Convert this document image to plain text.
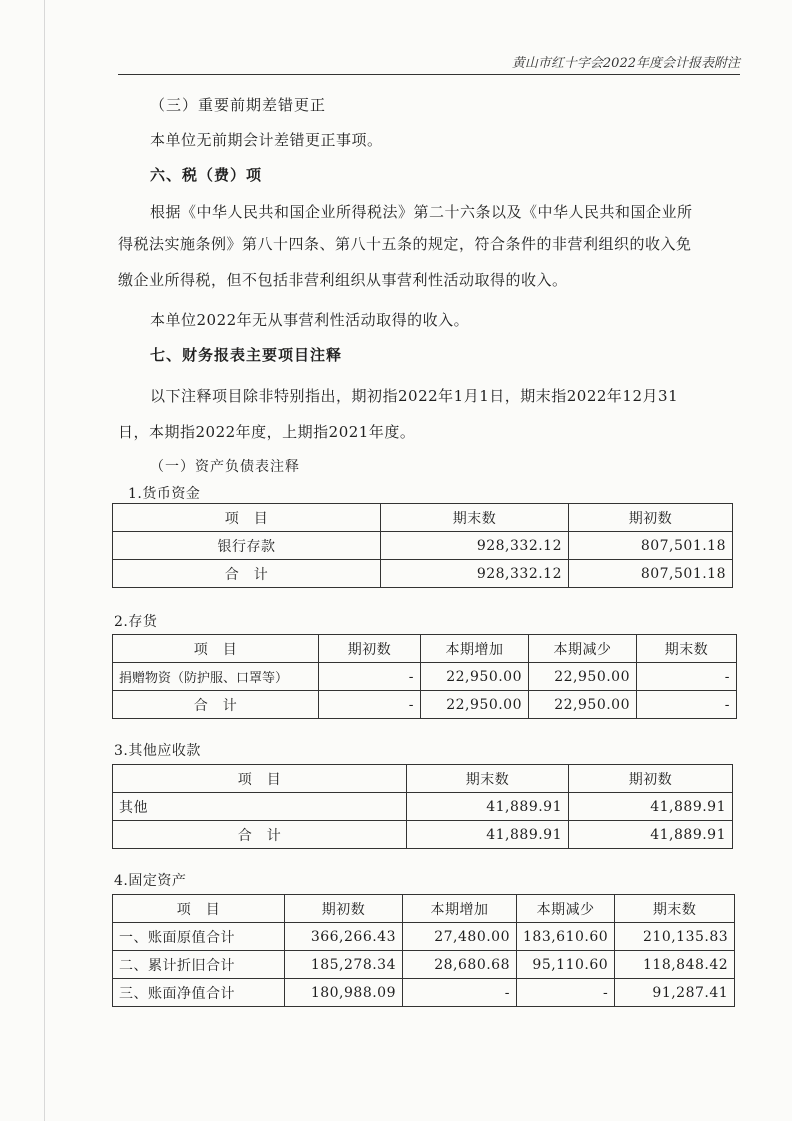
黄山市红十字会2022年度会计报表附注

（三）重要前期差错更正

本单位无前期会计差错更正事项。

六、税（费）项

根据《中华人民共和国企业所得税法》第二十六条以及《中华人民共和国企业所

得税法实施条例》第八十四条、第八十五条的规定，符合条件的非营利组织的收入免

缴企业所得税，但不包括非营利组织从事营利性活动取得的收入。

本单位2022年无从事营利性活动取得的收入。

七、财务报表主要项目注释

以下注释项目除非特别指出，期初指2022年1月1日，期末指2022年12月31

日，本期指2022年度，上期指2021年度。

（一）资产负债表注释

1.货币资金
项　目	期末数	期初数
银行存款	928,332.12	807,501.18
合　计	928,332.12	807,501.18
2.存货
项　目	期初数	本期增加	本期减少	期末数
捐赠物资（防护服、口罩等）	-	22,950.00	22,950.00	-
合　计	-	22,950.00	22,950.00	-
3.其他应收款
项　目	期末数	期初数
其他	41,889.91	41,889.91
合　计	41,889.91	41,889.91
4.固定资产
项　目	期初数	本期增加	本期减少	期末数
一、账面原值合计	366,266.43	27,480.00	183,610.60	210,135.83
二、累计折旧合计	185,278.34	28,680.68	95,110.60	118,848.42
三、账面净值合计	180,988.09	-	-	91,287.41
